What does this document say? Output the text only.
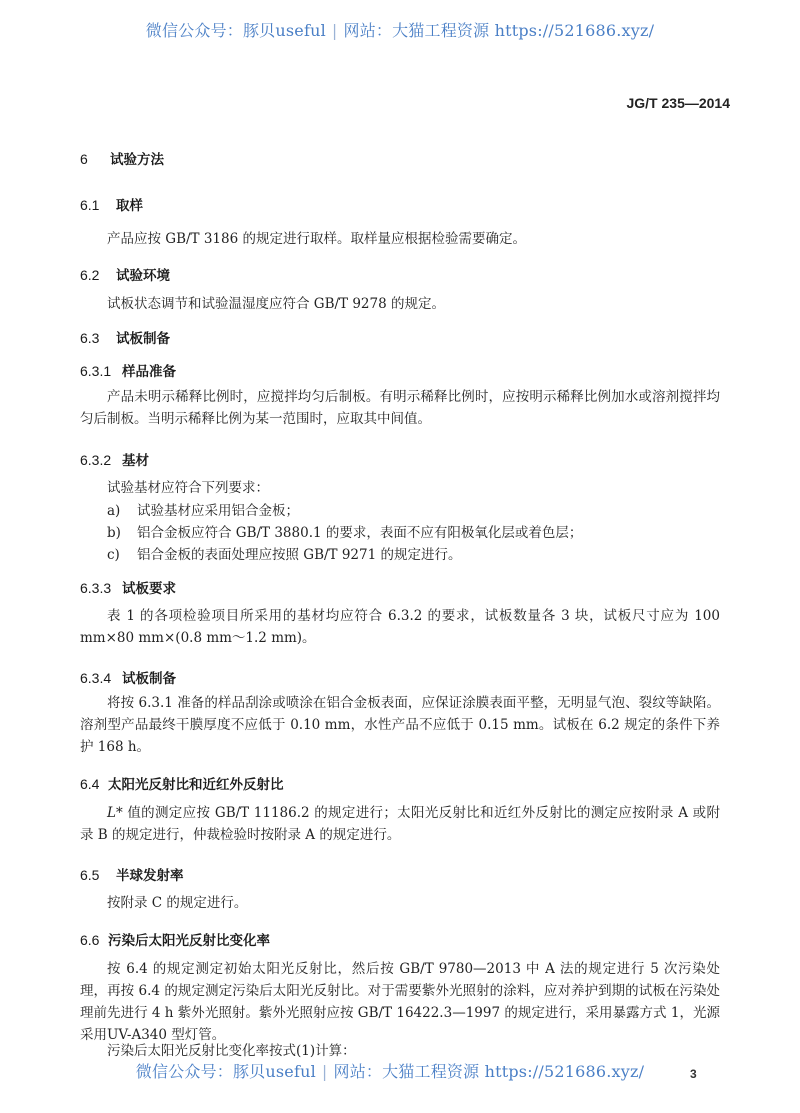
微信公众号：豚贝useful | 网站：大猫工程资源 https://521686.xyz/
JG/T 235—2014
6 试验方法
6.1 取样
产品应按 GB/T 3186 的规定进行取样。取样量应根据检验需要确定。
6.2 试验环境
试板状态调节和试验温湿度应符合 GB/T 9278 的规定。
6.3 试板制备
6.3.1 样品准备
产品未明示稀释比例时，应搅拌均匀后制板。有明示稀释比例时，应按明示稀释比例加水或溶剂搅拌均匀后制板。当明示稀释比例为某一范围时，应取其中间值。
6.3.2 基材
试验基材应符合下列要求：
a) 试验基材应采用铝合金板；
b) 铝合金板应符合 GB/T 3880.1 的要求，表面不应有阳极氧化层或着色层；
c) 铝合金板的表面处理应按照 GB/T 9271 的规定进行。
6.3.3 试板要求
表 1 的各项检验项目所采用的基材均应符合 6.3.2 的要求，试板数量各 3 块，试板尺寸应为 100 mm×80 mm×(0.8 mm～1.2 mm)。
6.3.4 试板制备
将按 6.3.1 准备的样品刮涂或喷涂在铝合金板表面，应保证涂膜表面平整，无明显气泡、裂纹等缺陷。溶剂型产品最终干膜厚度不应低于 0.10 mm，水性产品不应低于 0.15 mm。试板在 6.2 规定的条件下养护 168 h。
6.4 太阳光反射比和近红外反射比
L* 值的测定应按 GB/T 11186.2 的规定进行；太阳光反射比和近红外反射比的测定应按附录 A 或附录 B 的规定进行，仲裁检验时按附录 A 的规定进行。
6.5 半球发射率
按附录 C 的规定进行。
6.6 污染后太阳光反射比变化率
按 6.4 的规定测定初始太阳光反射比，然后按 GB/T 9780—2013 中 A 法的规定进行 5 次污染处理，再按 6.4 的规定测定污染后太阳光反射比。对于需要紫外光照射的涂料，应对养护到期的试板在污染处理前先进行 4 h 紫外光照射。紫外光照射应按 GB/T 16422.3—1997 的规定进行，采用暴露方式 1，光源采用UV-A340 型灯管。
污染后太阳光反射比变化率按式(1)计算：
微信公众号：豚贝useful | 网站：大猫工程资源 https://521686.xyz/	3
